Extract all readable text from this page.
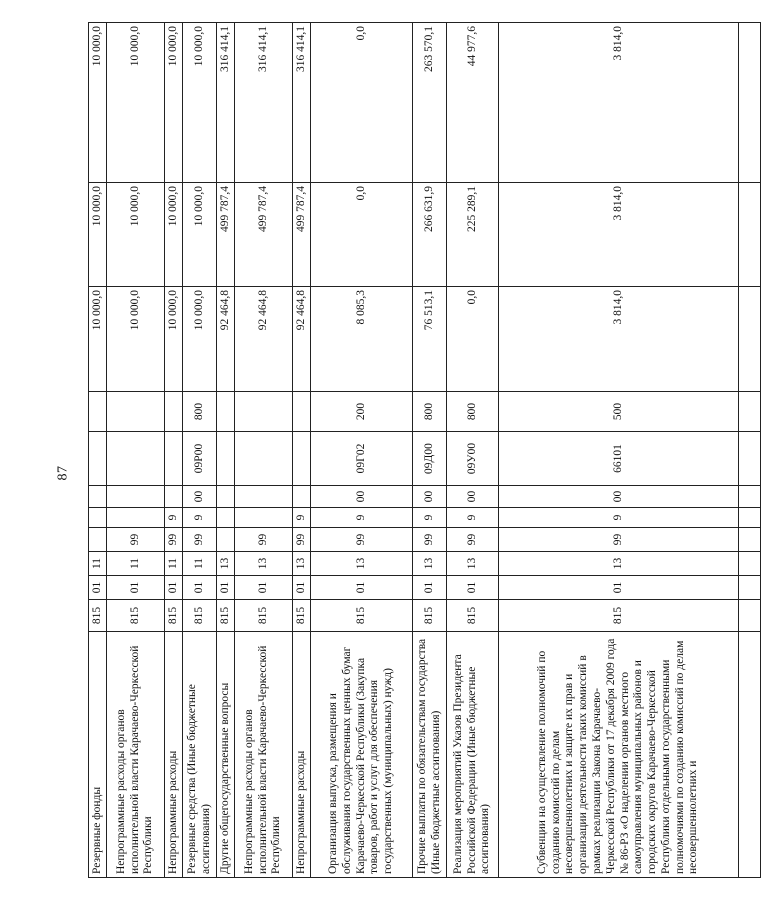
87
Резервные фонды	815	01	11						10 000,0	10 000,0	10 000,0
Непрограммные расходы органов исполнительной власти Карачаево-Черкесской Республики	815	01	11	99					10 000,0	10 000,0	10 000,0
Непрограммные расходы	815	01	11	99	9				10 000,0	10 000,0	10 000,0
Резервные средства (Иные бюджетные ассигнования)	815	01	11	99	9	00	09Р00	800	10 000,0	10 000,0	10 000,0
Другие общегосударственные вопросы	815	01	13						92 464,8	499 787,4	316 414,1
Непрограммные расходы органов исполнительной власти Карачаево-Черкесской Республики	815	01	13	99					92 464,8	499 787,4	316 414,1
Непрограммные расходы	815	01	13	99	9				92 464,8	499 787,4	316 414,1
Организация выпуска, размещения и обслуживания государственных ценных бумаг Карачаево-Черкесской Республики (Закупка товаров, работ и услуг для обеспечения государственных (муниципальных) нужд)	815	01	13	99	9	00	09Г02	200	8 085,3	0,0	0,0
Прочие выплаты по обязательствам государства (Иные бюджетные ассигнования)	815	01	13	99	9	00	09Д00	800	76 513,1	266 631,9	263 570,1
Реализация мероприятий Указов Президента Российской Федерации (Иные бюджетные ассигнования)	815	01	13	99	9	00	09У00	800	0,0	225 289,1	44 977,6
Субвенции на осуществление полномочий по созданию комиссий по делам несовершеннолетних и защите их прав и организации деятельности таких комиссий в рамках реализации Закона Карачаево-Черкесской Республики от 17 декабря 2009 года № 86-РЗ «О наделении органов местного самоуправления муниципальных районов и городских округов Карачаево-Черкесской Республики отдельными государственными полномочиями по созданию комиссий по делам несовершеннолетних и	815	01	13	99	9	00	66101	500	3 814,0	3 814,0	3 814,0
